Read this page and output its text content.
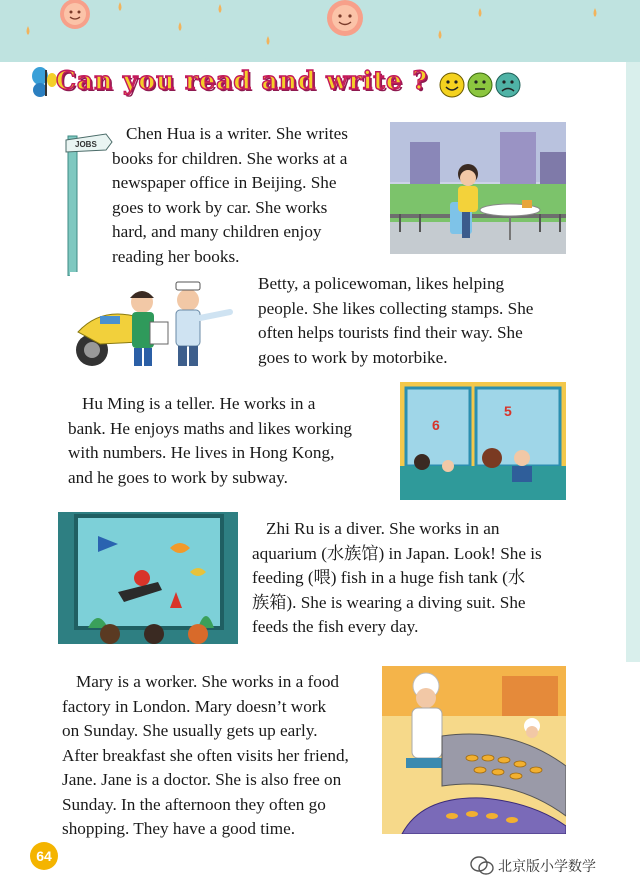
Can you read and write ?
JOBS

Chen Hua is a writer. She writes
books for children. She works at a
newspaper office in Beijing. She
goes to work by car. She works
hard, and many children enjoy
reading her books.

Betty, a policewoman, likes helping
people. She likes collecting stamps. She
often helps tourists find their way. She
goes to work by motorbike.

Hu Ming is a teller. He works in a
bank. He enjoys maths and likes working
with numbers. He lives in Hong Kong,
and he goes to work by subway.

6
5

Zhi Ru is a diver. She works in an
aquarium (水族馆) in Japan. Look! She is
feeding (喂) fish in a huge fish tank (水
族箱). She is wearing a diving suit. She
feeds the fish every day.

Mary is a worker. She works in a food
factory in London. Mary doesn’t work
on Sunday. She usually gets up early.
After breakfast she often visits her friend,
Jane. Jane is a doctor. She is also free on
Sunday. In the afternoon they often go
shopping. They have a good time.

64
北京版小学数学
